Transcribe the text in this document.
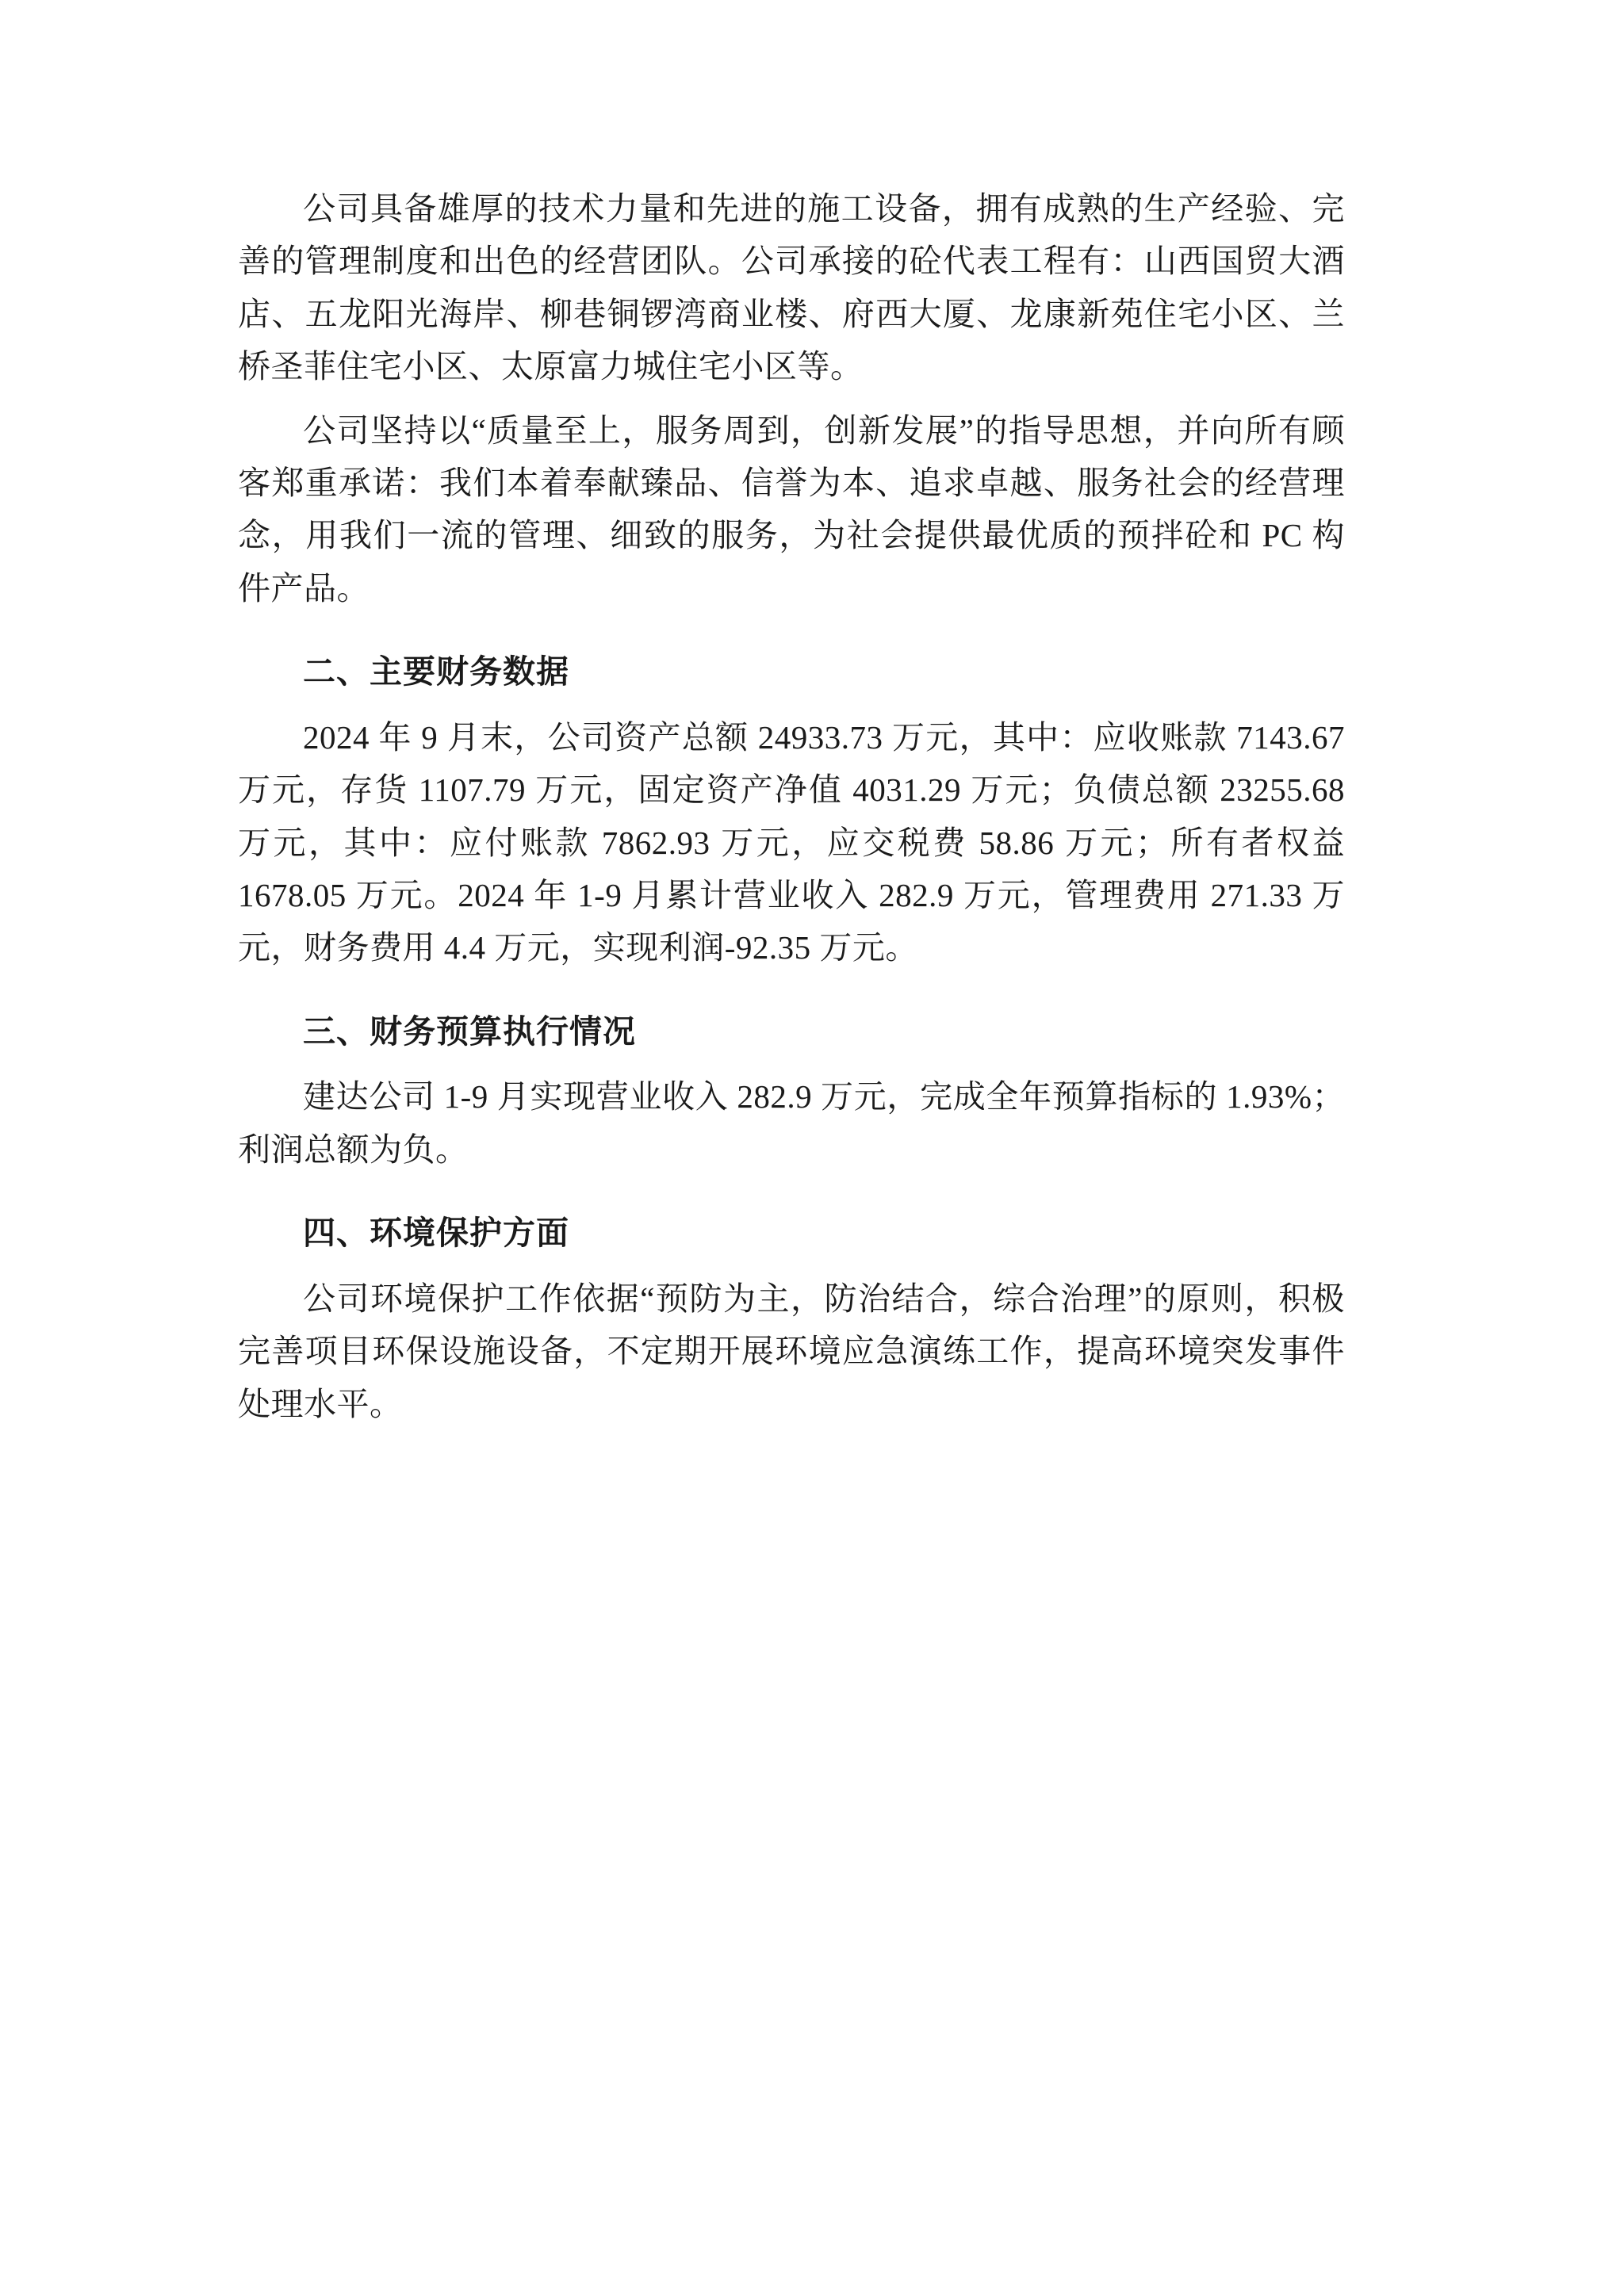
公司具备雄厚的技术力量和先进的施工设备，拥有成熟的生产经验、完善的管理制度和出色的经营团队。公司承接的砼代表工程有：山西国贸大酒店、五龙阳光海岸、柳巷铜锣湾商业楼、府西大厦、龙康新苑住宅小区、兰桥圣菲住宅小区、太原富力城住宅小区等。

公司坚持以“质量至上，服务周到，创新发展”的指导思想，并向所有顾客郑重承诺：我们本着奉献臻品、信誉为本、追求卓越、服务社会的经营理念，用我们一流的管理、细致的服务，为社会提供最优质的预拌砼和 PC 构件产品。

二、主要财务数据

2024 年 9 月末，公司资产总额 24933.73 万元，其中：应收账款 7143.67 万元，存货 1107.79 万元，固定资产净值 4031.29 万元；负债总额 23255.68 万元，其中：应付账款 7862.93 万元，应交税费 58.86 万元；所有者权益 1678.05 万元。2024 年 1-9 月累计营业收入 282.9 万元，管理费用 271.33 万元，财务费用 4.4 万元，实现利润-92.35 万元。

三、财务预算执行情况

建达公司 1-9 月实现营业收入 282.9 万元，完成全年预算指标的 1.93%；利润总额为负。

四、环境保护方面

公司环境保护工作依据“预防为主，防治结合，综合治理”的原则，积极完善项目环保设施设备，不定期开展环境应急演练工作，提高环境突发事件处理水平。
